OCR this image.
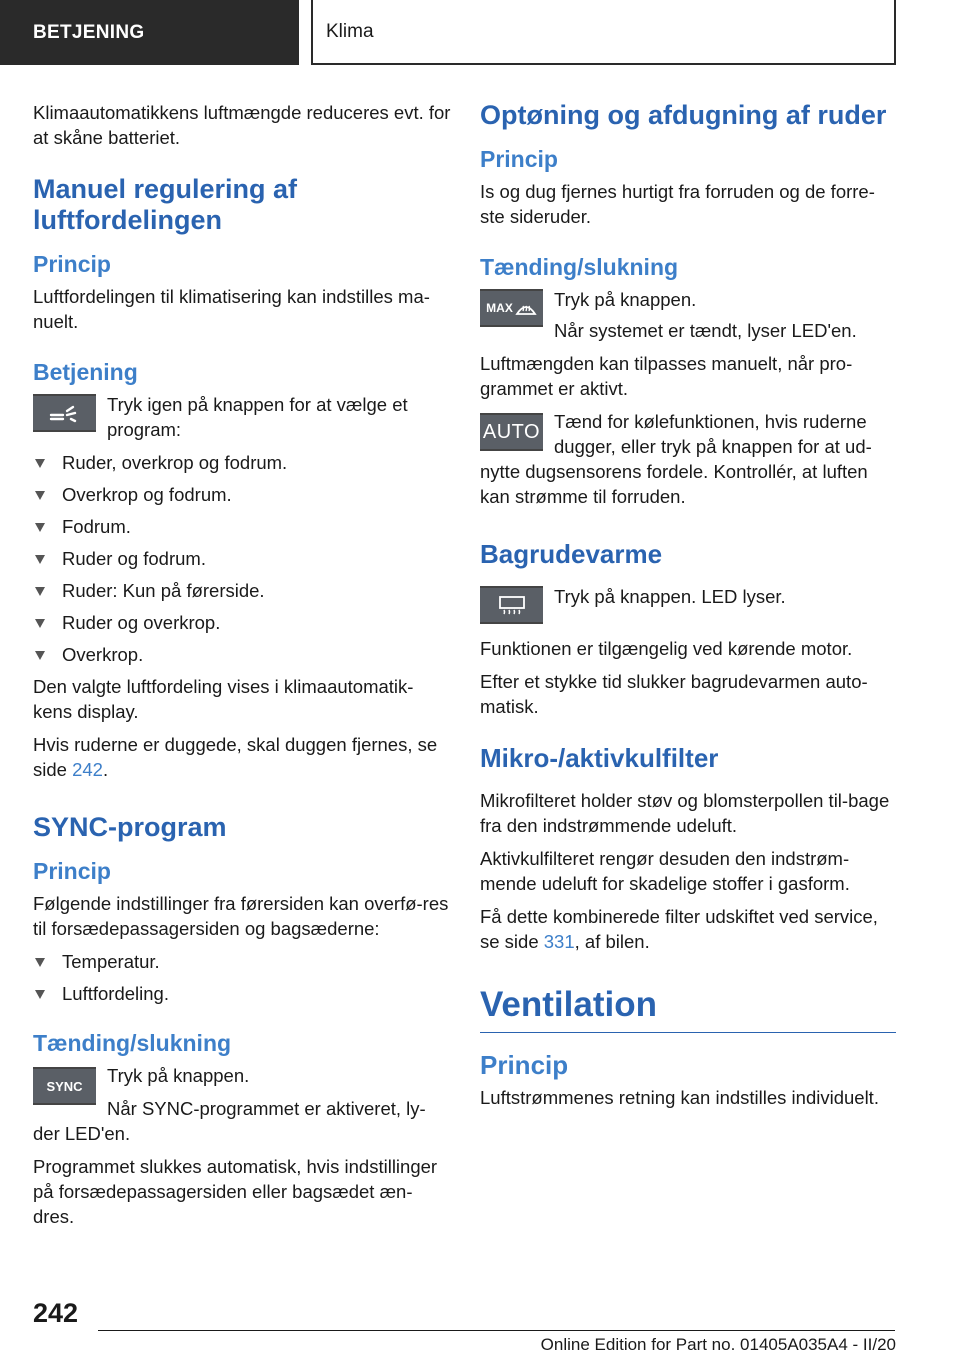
BETJENING	Klima

Klimaautomatikkens luftmængde reduceres evt. for at skåne batteriet.

Manuel regulering af luftfordelingen
Princip

Luftfordelingen til klimatisering kan indstilles ma-nuelt.

Betjening

Tryk igen på knappen for at vælge et program:

Ruder, overkrop og fodrum.
Overkrop og fodrum.
Fodrum.
Ruder og fodrum.
Ruder: Kun på førerside.
Ruder og overkrop.
Overkrop.

Den valgte luftfordeling vises i klimaautomatik-kens display.

Hvis ruderne er duggede, skal duggen fjernes, se side 242.

SYNC-program
Princip

Følgende indstillinger fra førersiden kan overfø-res til forsædepassagersiden og bagsæderne:

Temperatur.
Luftfordeling.
Tænding/slukning
SYNC	Tryk på knappen.

Når SYNC-programmet er aktiveret, ly-der LED'en.

Programmet slukkes automatisk, hvis indstillinger på forsædepassagersiden eller bagsædet æn-dres.

Optøning og afdugning af ruder
Princip

Is og dug fjernes hurtigt fra forruden og de forre-ste sideruder.

Tænding/slukning
MAX Tryk på knappen.

Når systemet er tændt, lyser LED'en.

Luftmængden kan tilpasses manuelt, når pro-grammet er aktivt.

AUTO Tænd for kølefunktionen, hvis ruderne dugger, eller tryk på knappen for at ud-nytte dugsensorens fordele. Kontrollér, at luften kan strømme til forruden.

Bagrudevarme

Tryk på knappen. LED lyser.

Funktionen er tilgængelig ved kørende motor.

Efter et stykke tid slukker bagrudevarmen auto-matisk.

Mikro-/aktivkulfilter

Mikrofilteret holder støv og blomsterpollen til-bage fra den indstrømmende udeluft.

Aktivkulfilteret rengør desuden den indstrøm-mende udeluft for skadelige stoffer i gasform.

Få dette kombinerede filter udskiftet ved service, se side 331, af bilen.

Ventilation
Princip

Luftstrømmenes retning kan indstilles individuelt.

242
Online Edition for Part no. 01405A035A4 - II/20
